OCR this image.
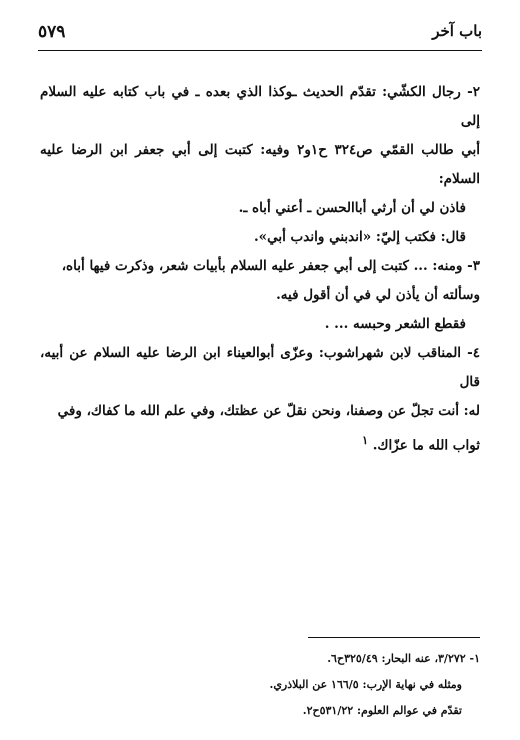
باب آخر
٥٧٩

٢- رجال الكشّي: تقدّم الحديث ـوكذا الذي بعده ـ في باب كتابه عليه السلام إلى

أبي طالب القمّي ص٣٢٤ ح١و٢ وفيه: كتبت إلى أبي جعفر ابن الرضا عليه السلام:

فاذن لي أن أرثي أباالحسن ـ أعني أباه ـ.

قال: فكتب إليّ: «اندبني واندب أبي».

٣- ومنه: ... كتبت إلى أبي جعفر عليه السلام بأبيات شعر، وذكرت فيها أباه،

وسألته أن يأذن لي في أن أقول فيه.

فقطع الشعر وحبسه ... .

٤- المناقب لابن شهراشوب: وعزّى أبوالعيناء ابن الرضا عليه السلام عن أبيه، قال

له: أنت تجلّ عن وصفنا، ونحن نقلّ عن عظتك، وفي علم الله ما كفاك، وفي

ثواب الله ما عزّاك. $^١$

١- ٣/٢٧٢، عنه البحار: ٣٢٥/٤٩ح٦.

ومثله في نهاية الإرب: ١٦٦/٥ عن البلاذري.

تقدّم في عوالم العلوم: ٥٣١/٢٢ح٢.
